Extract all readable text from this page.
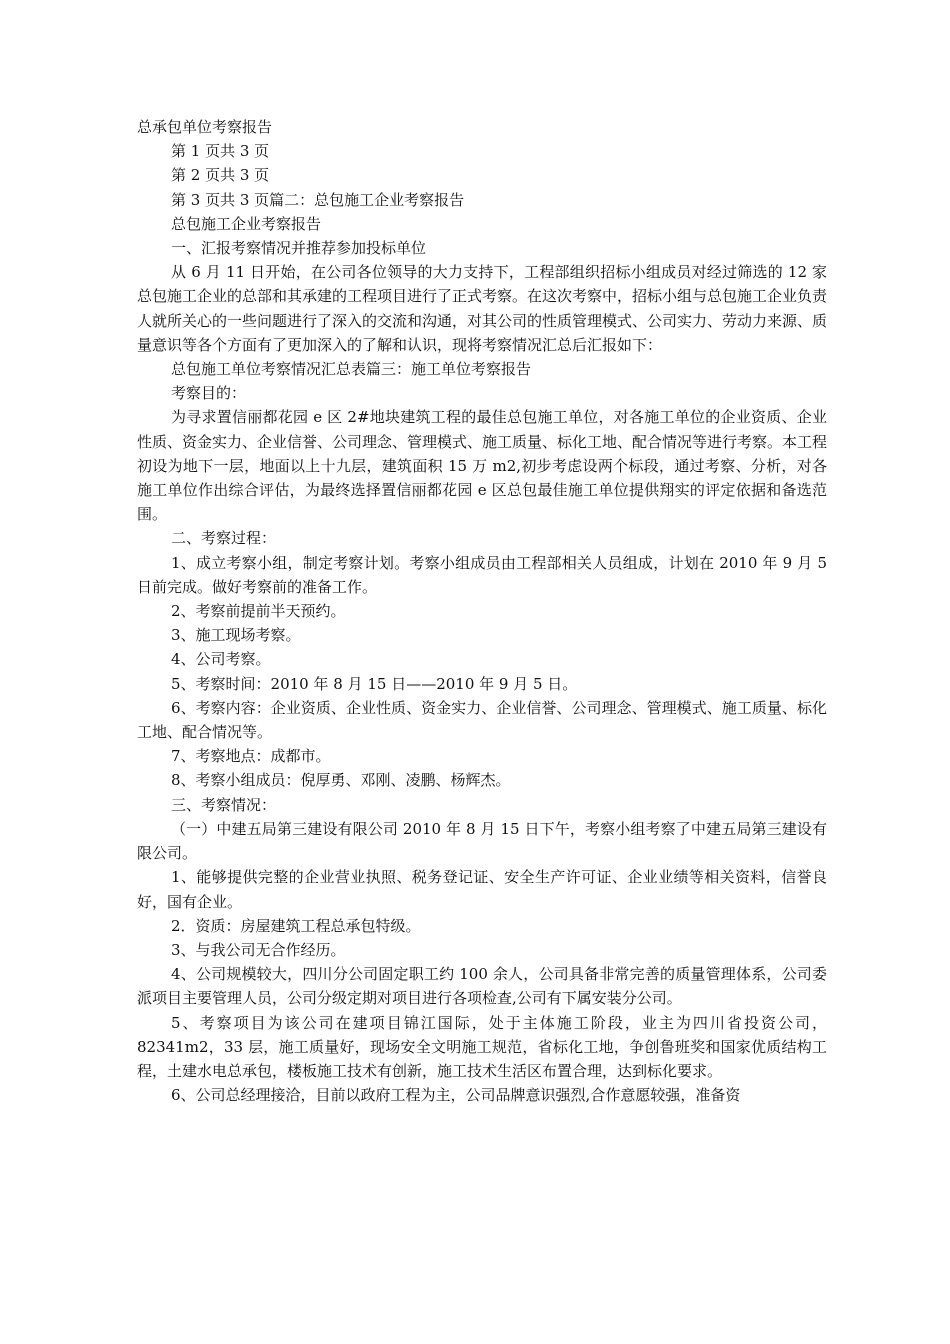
总承包单位考察报告

第 1 页共 3 页

第 2 页共 3 页

第 3 页共 3 页篇二：总包施工企业考察报告

总包施工企业考察报告

一、汇报考察情况并推荐参加投标单位

从 6 月 11 日开始，在公司各位领导的大力支持下，工程部组织招标小组成员对经过筛选的 12 家总包施工企业的总部和其承建的工程项目进行了正式考察。在这次考察中，招标小组与总包施工企业负责人就所关心的一些问题进行了深入的交流和沟通，对其公司的性质管理模式、公司实力、劳动力来源、质量意识等各个方面有了更加深入的了解和认识，现将考察情况汇总后汇报如下：

总包施工单位考察情况汇总表篇三：施工单位考察报告

考察目的：

为寻求置信丽都花园 e 区 2#地块建筑工程的最佳总包施工单位，对各施工单位的企业资质、企业性质、资金实力、企业信誉、公司理念、管理模式、施工质量、标化工地、配合情况等进行考察。本工程初设为地下一层，地面以上十九层，建筑面积 15 万 m2,初步考虑设两个标段，通过考察、分析，对各施工单位作出综合评估，为最终选择置信丽都花园 e 区总包最佳施工单位提供翔实的评定依据和备选范围。

二、考察过程：

1、成立考察小组，制定考察计划。考察小组成员由工程部相关人员组成，计划在 2010 年 9 月 5 日前完成。做好考察前的准备工作。

2、考察前提前半天预约。

3、施工现场考察。

4、公司考察。

5、考察时间：2010 年 8 月 15 日——2010 年 9 月 5 日。

6、考察内容：企业资质、企业性质、资金实力、企业信誉、公司理念、管理模式、施工质量、标化工地、配合情况等。

7、考察地点：成都市。

8、考察小组成员：倪厚勇、邓刚、凌鹏、杨辉杰。

三、考察情况：

（一）中建五局第三建设有限公司 2010 年 8 月 15 日下午，考察小组考察了中建五局第三建设有限公司。

1、能够提供完整的企业营业执照、税务登记证、安全生产许可证、企业业绩等相关资料，信誉良好，国有企业。

2．资质：房屋建筑工程总承包特级。

3、与我公司无合作经历。

4、公司规模较大，四川分公司固定职工约 100 余人，公司具备非常完善的质量管理体系，公司委派项目主要管理人员，公司分级定期对项目进行各项检查,公司有下属安装分公司。

5、考察项目为该公司在建项目锦江国际，处于主体施工阶段，业主为四川省投资公司，82341m2，33 层，施工质量好，现场安全文明施工规范，省标化工地，争创鲁班奖和国家优质结构工程，土建水电总承包，楼板施工技术有创新，施工技术生活区布置合理，达到标化要求。

6、公司总经理接洽，目前以政府工程为主，公司品牌意识强烈,合作意愿较强，准备资
